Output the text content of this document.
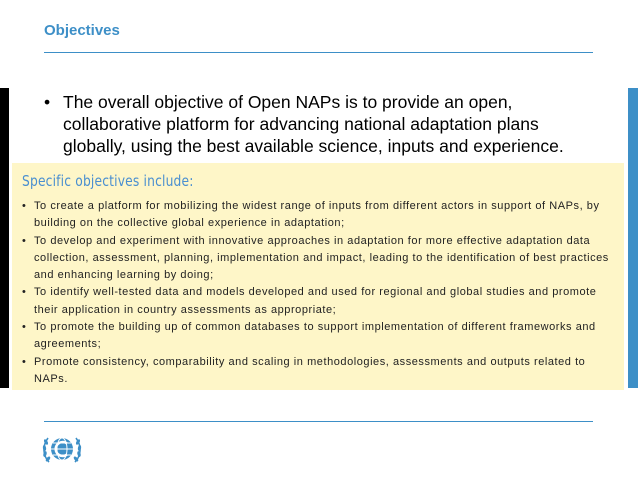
Objectives
• The overall objective of Open NAPs is to provide an open, collaborative platform for advancing national adaptation plans globally, using the best available science, inputs and experience.
Specific objectives include:
• To create a platform for mobilizing the widest range of inputs from different actors in support of NAPs, by building on the collective global experience in adaptation;
• To develop and experiment with innovative approaches in adaptation for more effective adaptation data collection, assessment, planning, implementation and impact, leading to the identification of best practices and enhancing learning by doing;
• To identify well-tested data and models developed and used for regional and global studies and promote their application in country assessments as appropriate;
• To promote the building up of common databases to support implementation of different frameworks and agreements;
• Promote consistency, comparability and scaling in methodologies, assessments and outputs related to NAPs.
